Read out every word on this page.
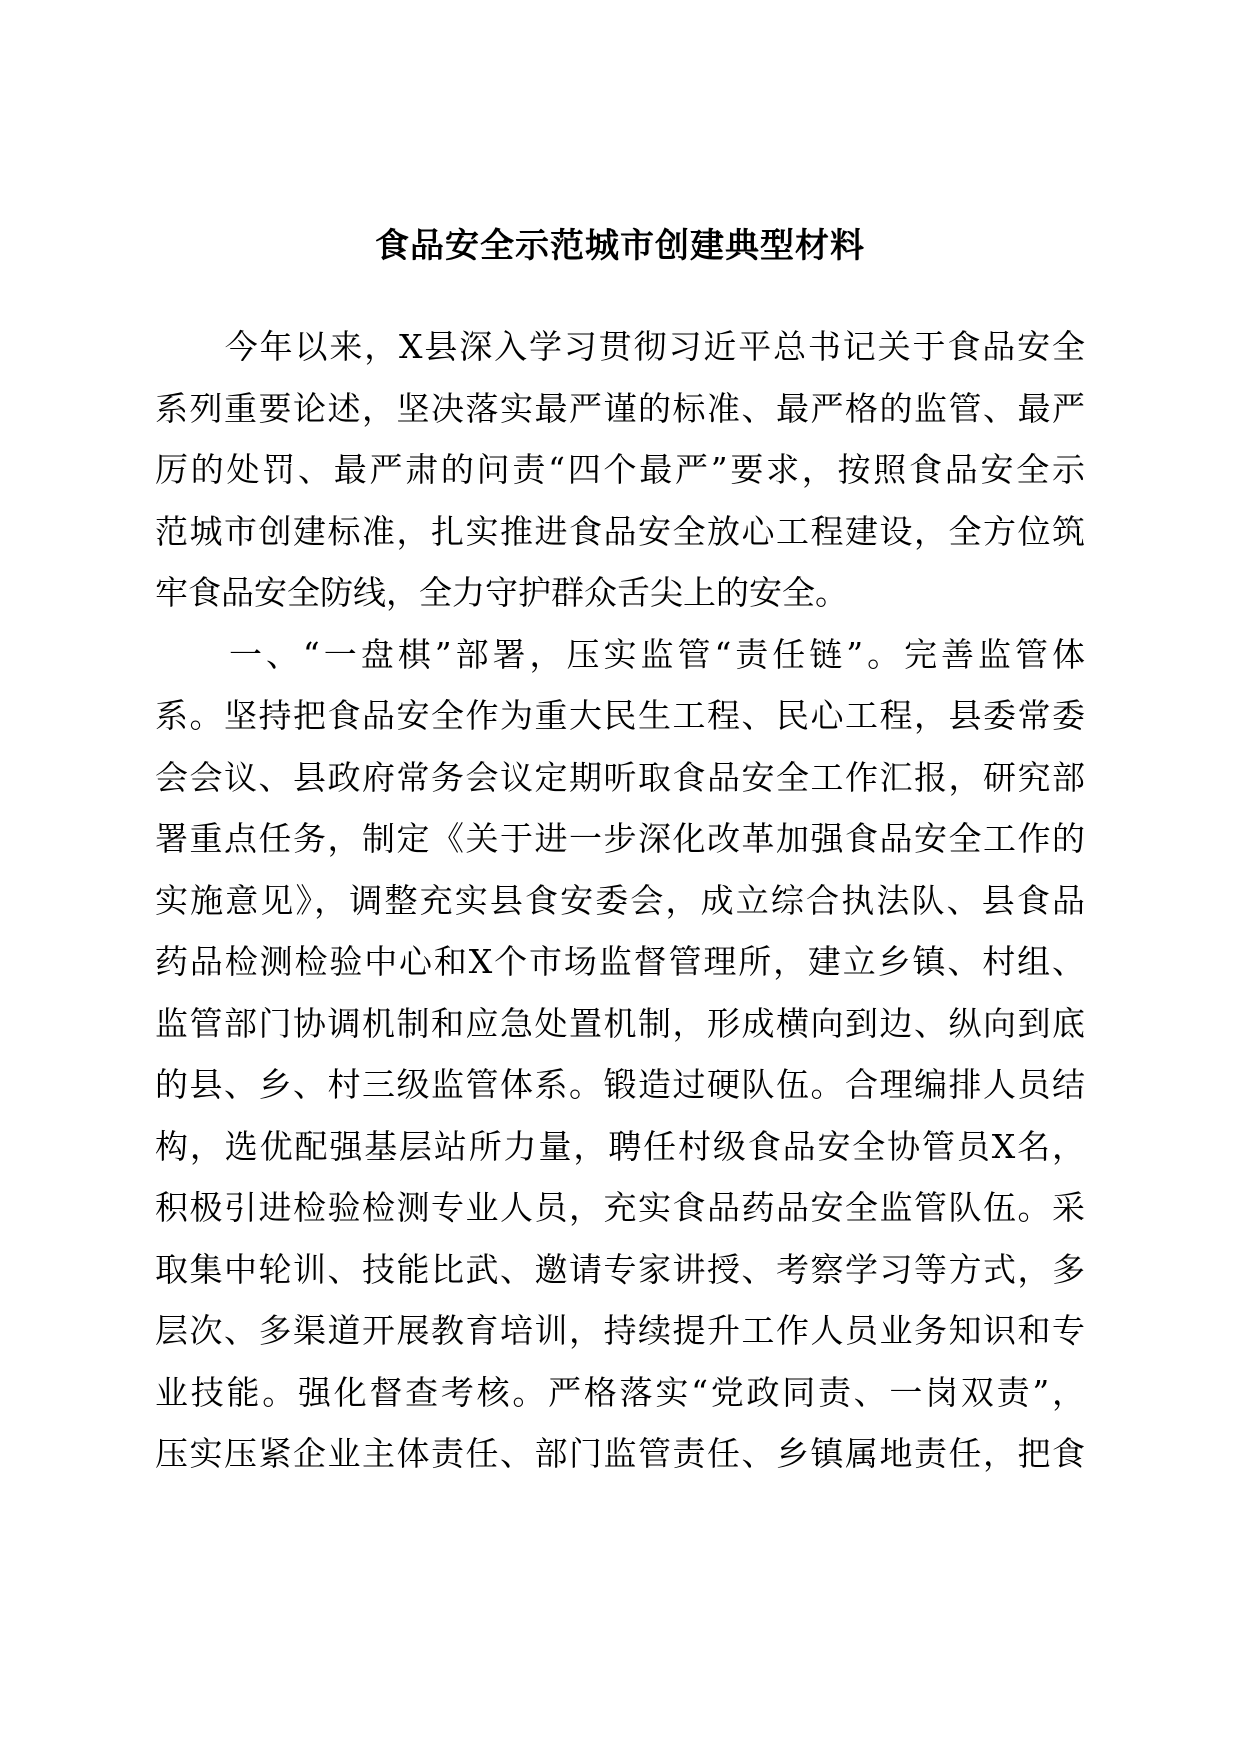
食品安全示范城市创建典型材料
　　今年以来，X县深入学习贯彻习近平总书记关于食品安全
系列重要论述，坚决落实最严谨的标准、最严格的监管、最严
厉的处罚、最严肃的问责“四个最严”要求，按照食品安全示
范城市创建标准，扎实推进食品安全放心工程建设，全方位筑
牢食品安全防线，全力守护群众舌尖上的安全。
　　一、“一盘棋”部署，压实监管“责任链”。完善监管体
系。坚持把食品安全作为重大民生工程、民心工程，县委常委
会会议、县政府常务会议定期听取食品安全工作汇报，研究部
署重点任务，制定《关于进一步深化改革加强食品安全工作的
实施意见》，调整充实县食安委会，成立综合执法队、县食品
药品检测检验中心和X个市场监督管理所，建立乡镇、村组、
监管部门协调机制和应急处置机制，形成横向到边、纵向到底
的县、乡、村三级监管体系。锻造过硬队伍。合理编排人员结
构，选优配强基层站所力量，聘任村级食品安全协管员X名，
积极引进检验检测专业人员，充实食品药品安全监管队伍。采
取集中轮训、技能比武、邀请专家讲授、考察学习等方式，多
层次、多渠道开展教育培训，持续提升工作人员业务知识和专
业技能。强化督查考核。严格落实“党政同责、一岗双责”，
压实压紧企业主体责任、部门监管责任、乡镇属地责任，把食
